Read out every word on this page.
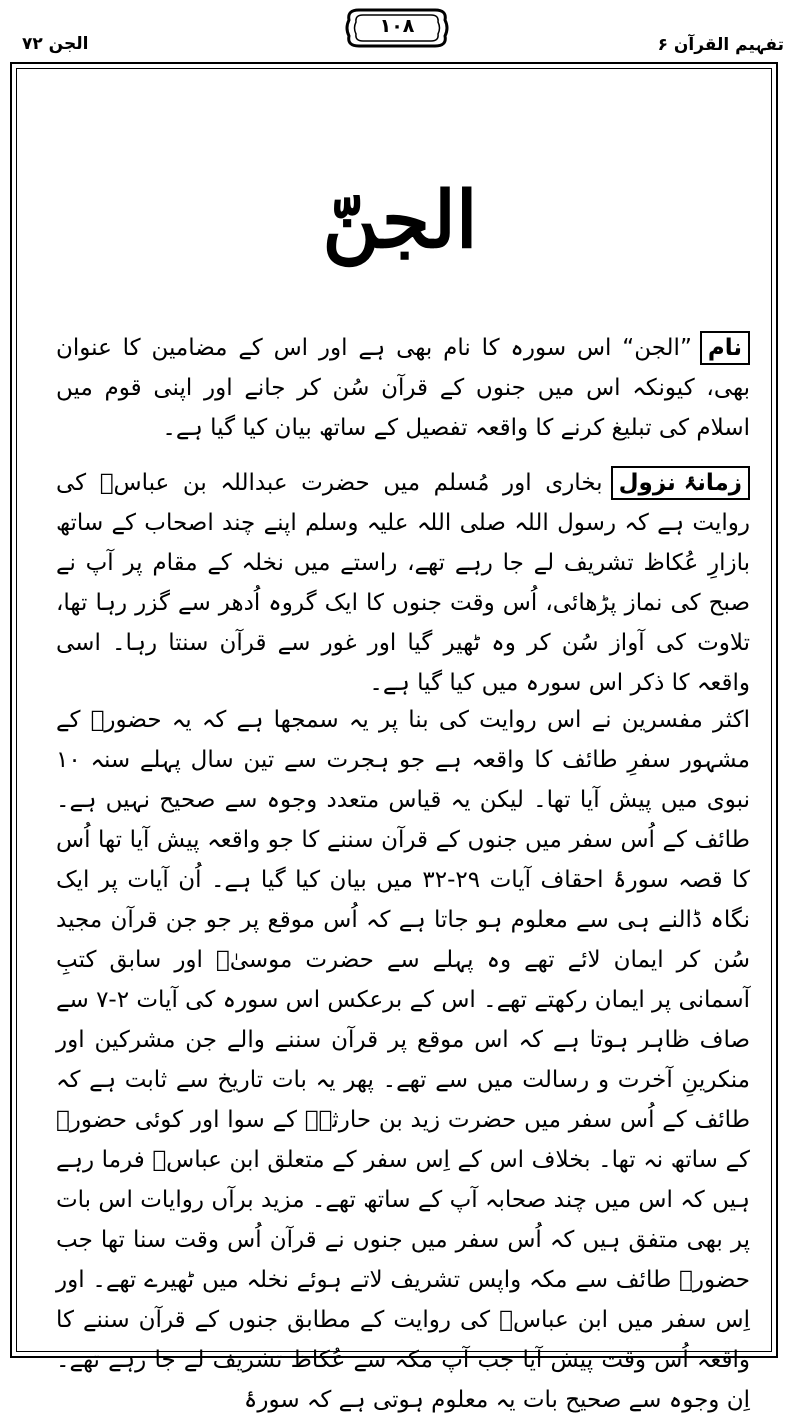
الجن ۷۲
۱۰۸
تفہیم القرآن ۶
الجنّ
نام”الجن“ اس سورہ کا نام بھی ہے اور اس کے مضامین کا عنوان بھی، کیونکہ اس میں جنوں کے قرآن سُن کر جانے اور اپنی قوم میں اسلام کی تبلیغ کرنے کا واقعہ تفصیل کے ساتھ بیان کیا گیا ہے۔
زمانۂ نزولبخاری اور مُسلم میں حضرت عبداللہ بن عباسؓ کی روایت ہے کہ رسول اللہ صلی اللہ علیہ وسلم اپنے چند اصحاب کے ساتھ بازارِ عُکاظ تشریف لے جا رہے تھے، راستے میں نخلہ کے مقام پر آپ نے صبح کی نماز پڑھائی، اُس وقت جنوں کا ایک گروہ اُدھر سے گزر رہا تھا، تلاوت کی آواز سُن کر وہ ٹھیر گیا اور غور سے قرآن سنتا رہا۔ اسی واقعہ کا ذکر اس سورہ میں کیا گیا ہے۔
اکثر مفسرین نے اس روایت کی بنا پر یہ سمجھا ہے کہ یہ حضورؐ کے مشہور سفرِ طائف کا واقعہ ہے جو ہجرت سے تین سال پہلے سنہ ۱۰ نبوی میں پیش آیا تھا۔ لیکن یہ قیاس متعدد وجوہ سے صحیح نہیں ہے۔ طائف کے اُس سفر میں جنوں کے قرآن سننے کا جو واقعہ پیش آیا تھا اُس کا قصہ سورۂ احقاف آیات ۲۹-۳۲ میں بیان کیا گیا ہے۔ اُن آیات پر ایک نگاہ ڈالنے ہی سے معلوم ہو جاتا ہے کہ اُس موقع پر جو جن قرآن مجید سُن کر ایمان لائے تھے وہ پہلے سے حضرت موسیٰؑ اور سابق کتبِ آسمانی پر ایمان رکھتے تھے۔ اس کے برعکس اس سورہ کی آیات ۲-۷ سے صاف ظاہر ہوتا ہے کہ اس موقع پر قرآن سننے والے جن مشرکین اور منکرینِ آخرت و رسالت میں سے تھے۔ پھر یہ بات تاریخ سے ثابت ہے کہ طائف کے اُس سفر میں حضرت زید بن حارثہؓ کے سوا اور کوئی حضورؐ کے ساتھ نہ تھا۔ بخلاف اس کے اِس سفر کے متعلق ابن عباسؓ فرما رہے ہیں کہ اس میں چند صحابہ آپ کے ساتھ تھے۔ مزید برآں روایات اس بات پر بھی متفق ہیں کہ اُس سفر میں جنوں نے قرآن اُس وقت سنا تھا جب حضورؐ طائف سے مکہ واپس تشریف لاتے ہوئے نخلہ میں ٹھیرے تھے۔ اور اِس سفر میں ابن عباسؓ کی روایت کے مطابق جنوں کے قرآن سننے کا واقعہ اُس وقت پیش آیا جب آپ مکہ سے عُکاظ تشریف لے جا رہے تھے۔ اِن وجوہ سے صحیح بات یہ معلوم ہوتی ہے کہ سورۂ
